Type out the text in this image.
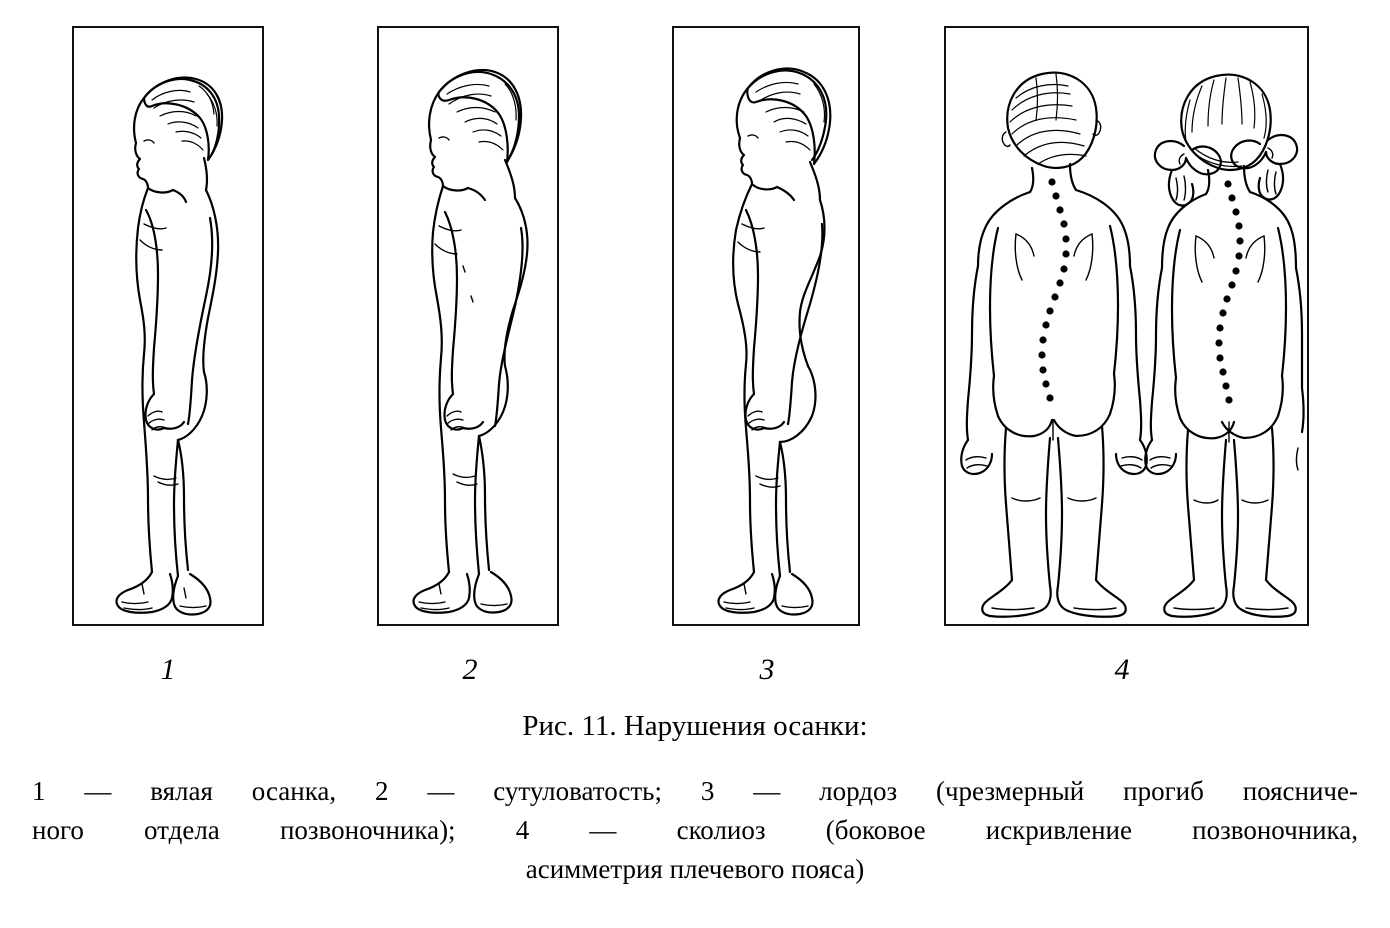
1	2	3	4
Рис. 11. Нарушения осанки:
1 — вялая осанка, 2 — сутуловатость; 3 — лордоз (чрезмерный прогиб поясниче-
ного отдела позвоночника); 4 — сколиоз (боковое искривление позвоночника,
асимметрия плечевого пояса)
